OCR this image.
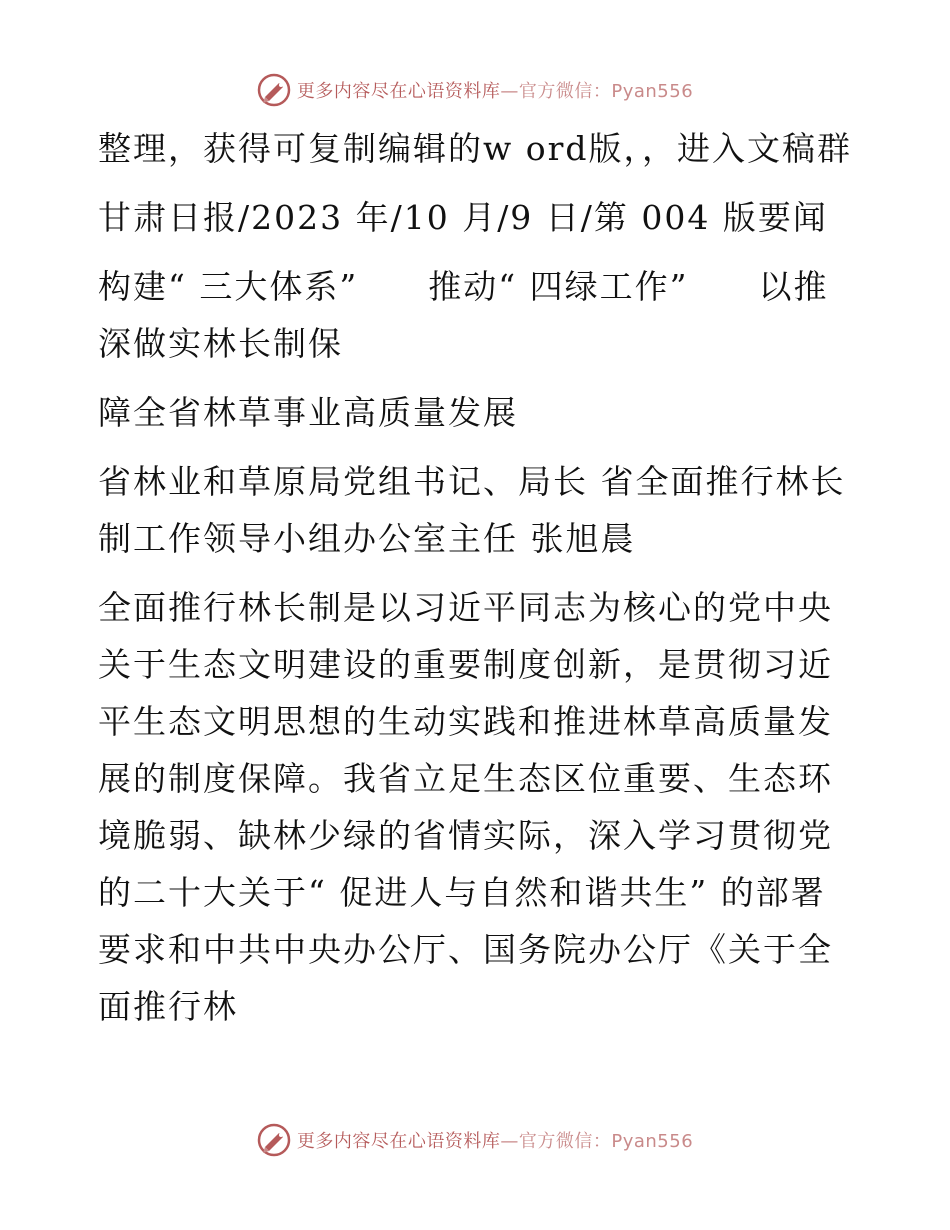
更多内容尽在心语资料库—官方微信：Pyan556

整理，获得可复制编辑的w ord版，，进入文稿群

甘肃日报/2023 年/10 月/9 日/第 004 版要闻

构建“ 三大体系”　　推动“ 四绿工作”　　以推深做实林长制保

障全省林草事业高质量发展

省林业和草原局党组书记、局长 省全面推行林长制工作领导小组办公室主任 张旭晨

全面推行林长制是以习近平同志为核心的党中央关于生态文明建设的重要制度创新，是贯彻习近平生态文明思想的生动实践和推进林草高质量发展的制度保障。我省立足生态区位重要、生态环境脆弱、缺林少绿的省情实际，深入学习贯彻党的二十大关于“ 促进人与自然和谐共生” 的部署要求和中共中央办公厅、国务院办公厅《关于全面推行林

更多内容尽在心语资料库—官方微信：Pyan556
